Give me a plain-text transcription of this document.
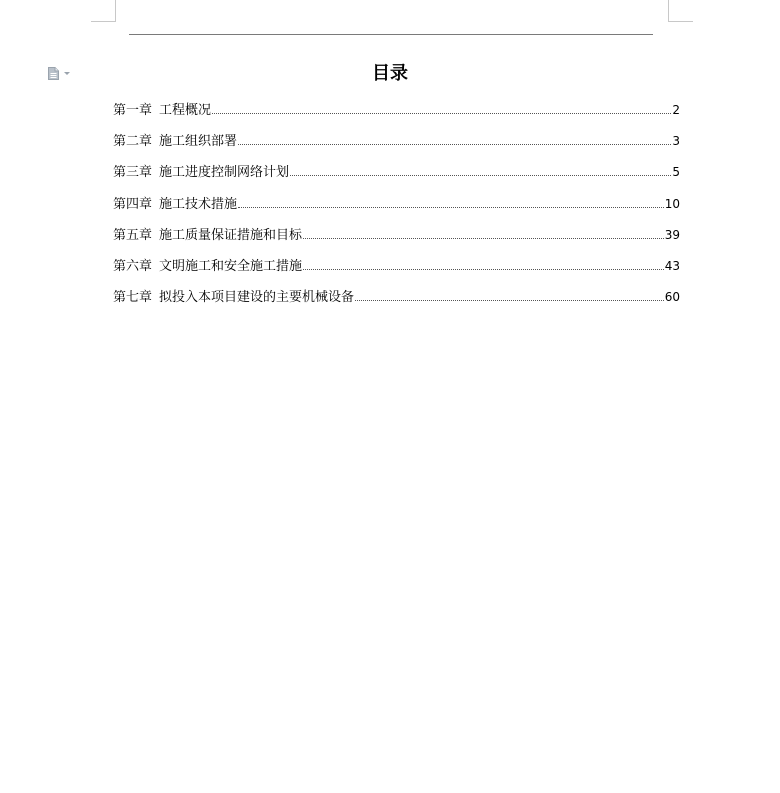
目录
第一章 工程概况	2
第二章 施工组织部署	3
第三章 施工进度控制网络计划	5
第四章 施工技术措施	10
第五章 施工质量保证措施和目标	39
第六章 文明施工和安全施工措施	43
第七章 拟投入本项目建设的主要机械设备	60
